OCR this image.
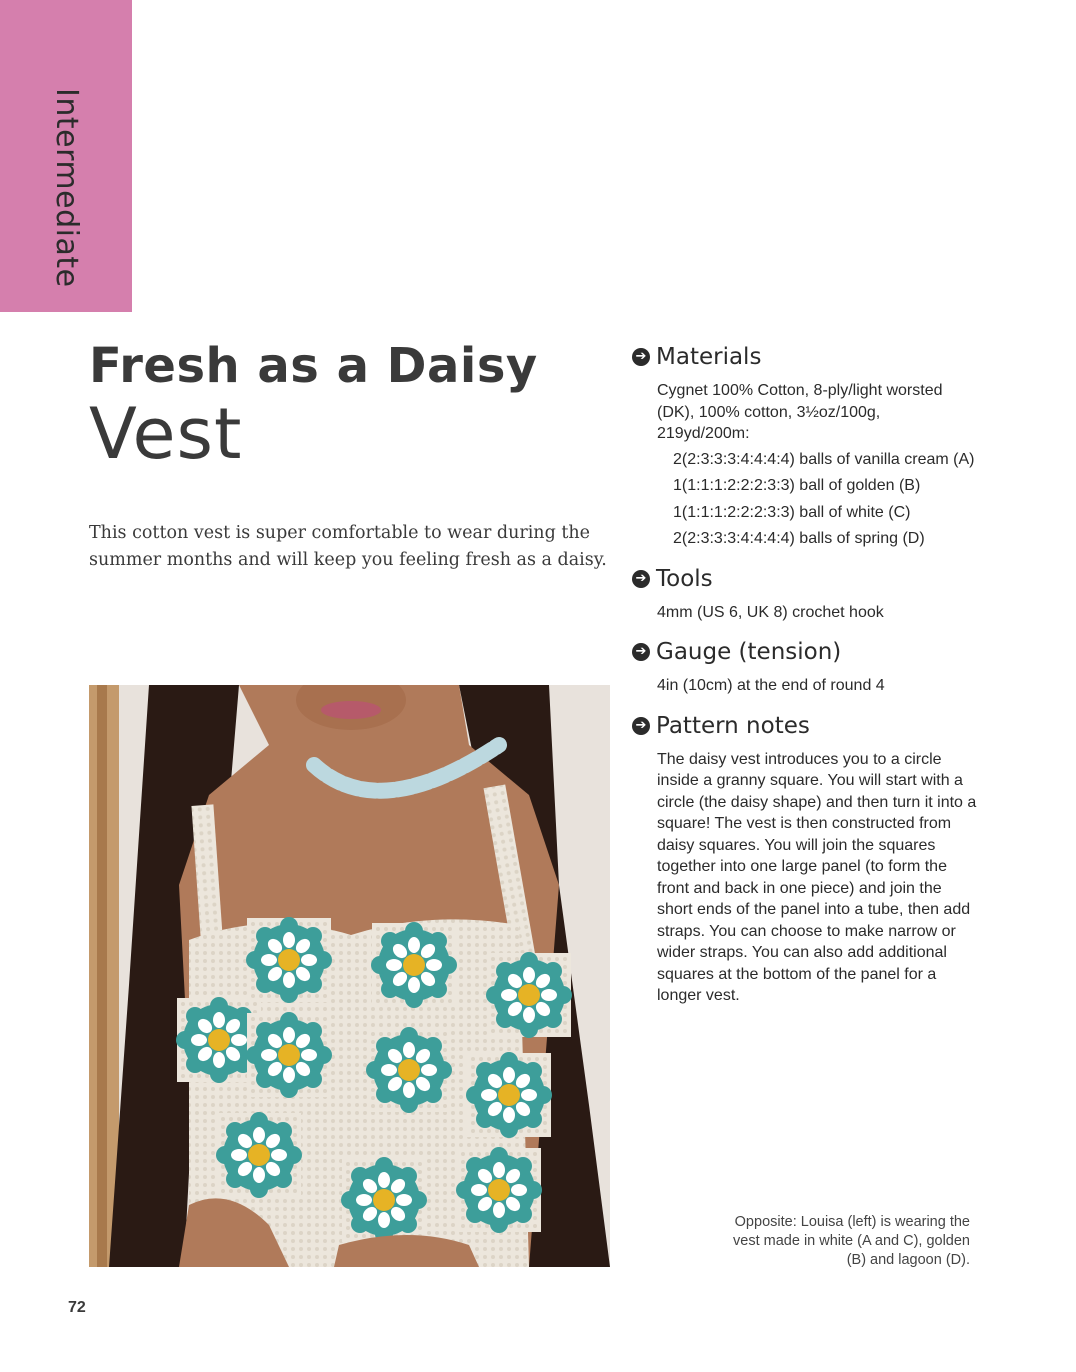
Intermediate
Fresh as a Daisy
Vest
This cotton vest is super comfortable to wear during the summer months and will keep you feeling fresh as a daisy.
➔ Materials
Cygnet 100% Cotton, 8-ply/light worsted (DK), 100% cotton, 3½oz/100g, 219yd/200m:
2(2:3:3:3:4:4:4:4) balls of vanilla cream (A)
1(1:1:1:2:2:2:3:3) ball of golden (B)
1(1:1:1:2:2:2:3:3) ball of white (C)
2(2:3:3:3:4:4:4:4) balls of spring (D)
➔ Tools
4mm (US 6, UK 8) crochet hook
➔ Gauge (tension)
4in (10cm) at the end of round 4
➔ Pattern notes
The daisy vest introduces you to a circle inside a granny square. You will start with a circle (the daisy shape) and then turn it into a square! The vest is then constructed from daisy squares. You will join the squares together into one large panel (to form the front and back in one piece) and join the short ends of the panel into a tube, then add straps. You can choose to make narrow or wider straps. You can also add additional squares at the bottom of the panel for a longer vest.
Opposite: Louisa (left) is wearing the vest made in white (A and C), golden (B) and lagoon (D).
72
